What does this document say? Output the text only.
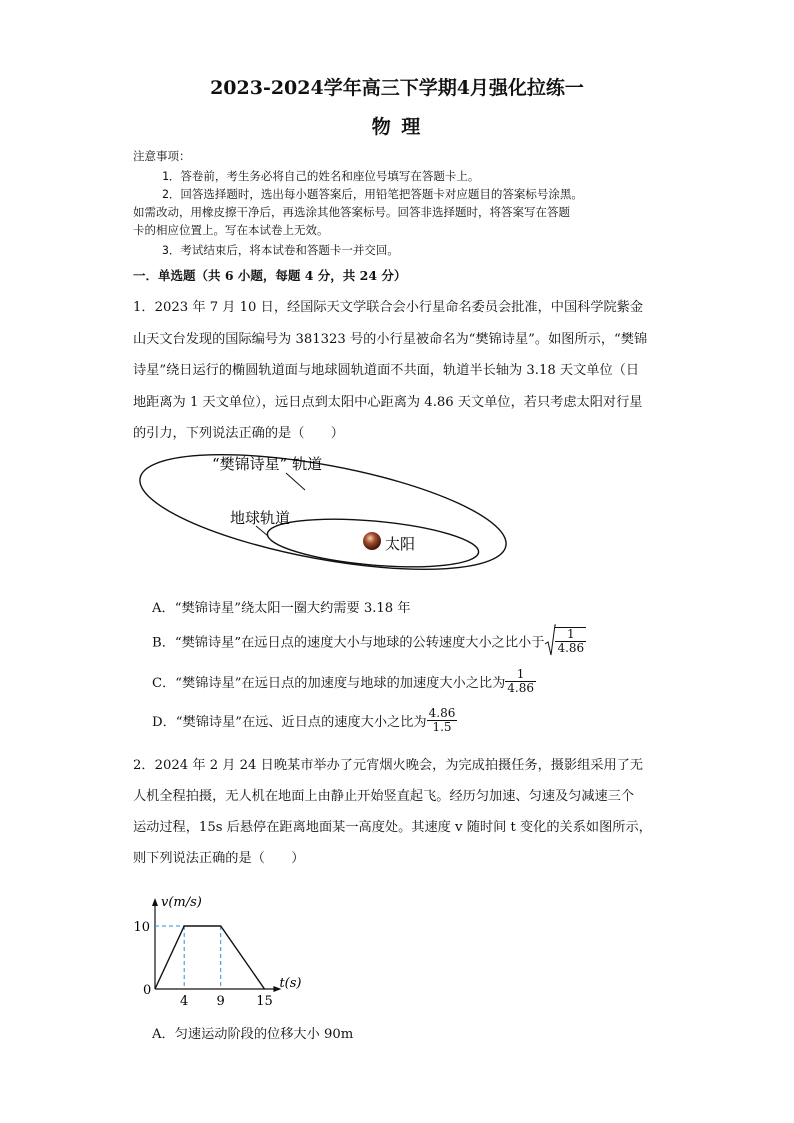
2023-2024学年高三下学期4月强化拉练一
物 理
注意事项：
1．答卷前，考生务必将自己的姓名和座位号填写在答题卡上。
2．回答选择题时，选出每小题答案后，用铅笔把答题卡对应题目的答案标号涂黑。
如需改动，用橡皮擦干净后，再选涂其他答案标号。回答非选择题时，将答案写在答题
卡的相应位置上。写在本试卷上无效。
3．考试结束后，将本试卷和答题卡一并交回。
一．单选题（共 6 小题，每题 4 分，共 24 分）
1．2023 年 7 月 10 日，经国际天文学联合会小行星命名委员会批准，中国科学院紫金
山天文台发现的国际编号为 381323 号的小行星被命名为“樊锦诗星”。如图所示，“樊锦
诗星”绕日运行的椭圆轨道面与地球圆轨道面不共面，轨道半长轴为 3.18 天文单位（日
地距离为 1 天文单位），远日点到太阳中心距离为 4.86 天文单位，若只考虑太阳对行星
的引力，下列说法正确的是（　　）
“樊锦诗星” 轨道
地球轨道
太阳
A．“樊锦诗星”绕太阳一圈大约需要 3.18 年
B．“樊锦诗星”在远日点的速度大小与地球的公转速度大小之比小于 $\frac{1}{4.86}$
C．“樊锦诗星”在远日点的加速度与地球的加速度大小之比为 $\frac{1}{4.86}$
D．“樊锦诗星”在远、近日点的速度大小之比为 $\frac{4.86}{1.5}$
2．2024 年 2 月 24 日晚某市举办了元宵烟火晚会，为完成拍摄任务，摄影组采用了无
人机全程拍摄，无人机在地面上由静止开始竖直起飞。经历匀加速、匀速及匀减速三个
运动过程，15s 后悬停在距离地面某一高度处。其速度 v 随时间 t 变化的关系如图所示，
则下列说法正确的是（　　）
t(s)
v(m/s)
0
4 9 15
10
A．匀速运动阶段的位移大小 90m
